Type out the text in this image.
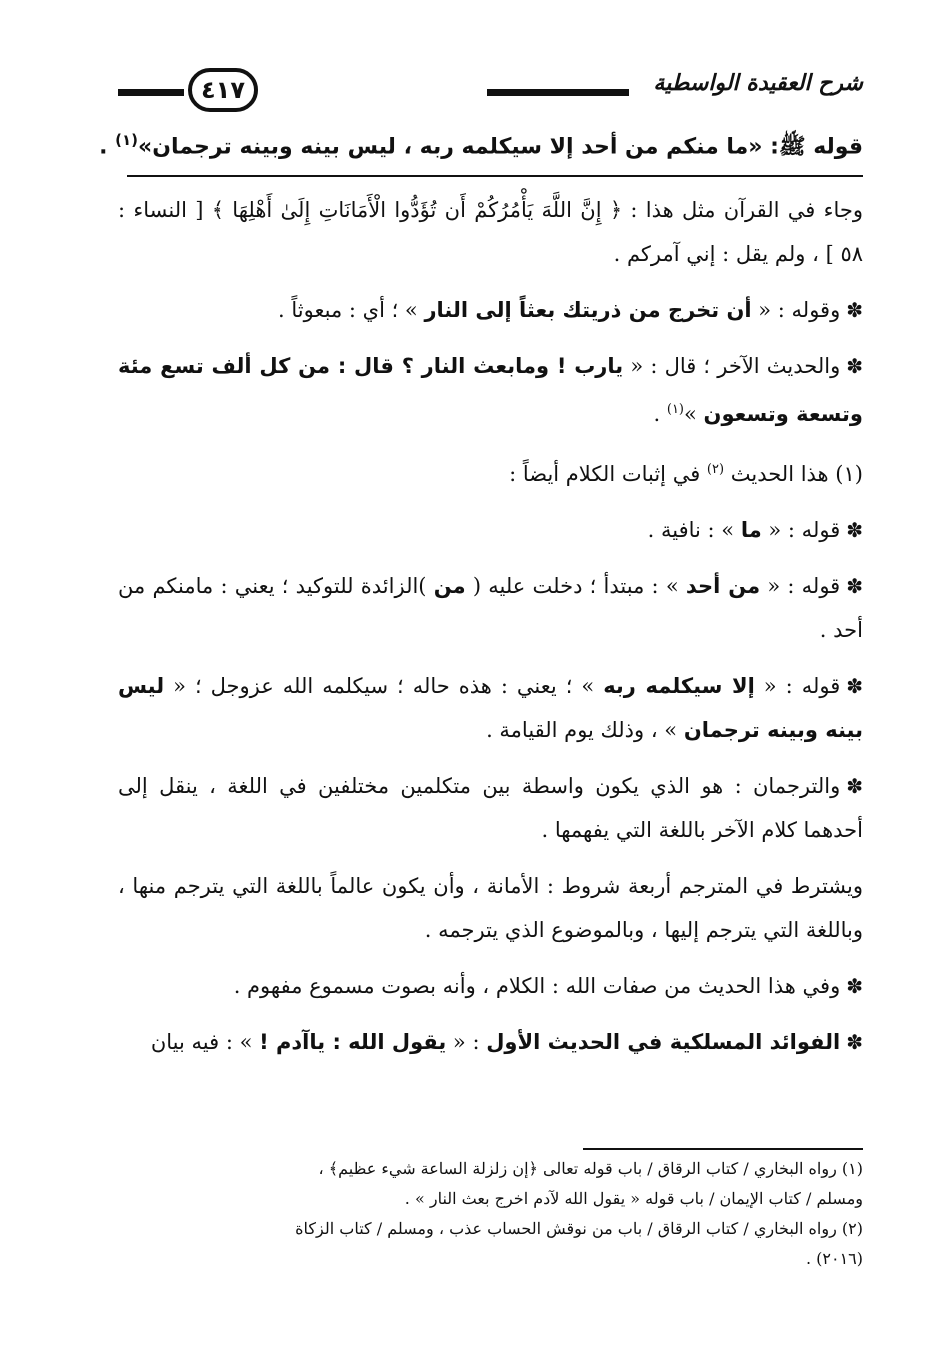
شرح العقيدة الواسطية
٤١٧
قوله ﷺ: «ما منكم من أحد إلا سيكلمه ربه ، ليس بينه وبينه ترجمان»$^{(١)}$ .

وجاء في القرآن مثل هذا : ﴿ إِنَّ اللَّهَ يَأْمُرُكُمْ أَن تُؤَدُّوا الْأَمَانَاتِ إِلَىٰ أَهْلِهَا ﴾ [ النساء : ٥٨ ] ، ولم يقل : إني آمركم .

✽وقوله : « أن تخرج من ذريتك بعثاً إلى النار » ؛ أي : مبعوثاً .

✽والحديث الآخر ؛ قال : « يارب ! ومابعث النار ؟ قال : من كل ألف تسع مئة وتسعة وتسعون »$^{(١)}$ .

(١) هذا الحديث $^{(٢)}$ في إثبات الكلام أيضاً :

✽قوله : « ما » : نافية .

✽قوله : « من أحد » : مبتدأ ؛ دخلت عليه ( من )الزائدة للتوكيد ؛ يعني : مامنكم من أحد .

✽قوله : « إلا سيكلمه ربه » ؛ يعني : هذه حاله ؛ سيكلمه الله عزوجل ؛ « ليس بينه وبينه ترجمان » ، وذلك يوم القيامة .

✽والترجمان : هو الذي يكون واسطة بين متكلمين مختلفين في اللغة ، ينقل إلى أحدهما كلام الآخر باللغة التي يفهمها .

ويشترط في المترجم أربعة شروط : الأمانة ، وأن يكون عالماً باللغة التي يترجم منها ، وباللغة التي يترجم إليها ، وبالموضوع الذي يترجمه .

✽وفي هذا الحديث من صفات الله : الكلام ، وأنه بصوت مسموع مفهوم .

✽الفوائد المسلكية في الحديث الأول : « يقول الله : ياآدم ! » : فيه بيان

(١) رواه البخاري / كتاب الرقاق / باب قوله تعالى ﴿إن زلزلة الساعة شيء عظيم﴾ ،

ومسلم / كتاب الإيمان / باب قوله « يقول الله لآدم اخرج بعث النار » .

(٢) رواه البخاري / كتاب الرقاق / باب من نوقش الحساب عذب ، ومسلم / كتاب الزكاة

(٢٠١٦) .
